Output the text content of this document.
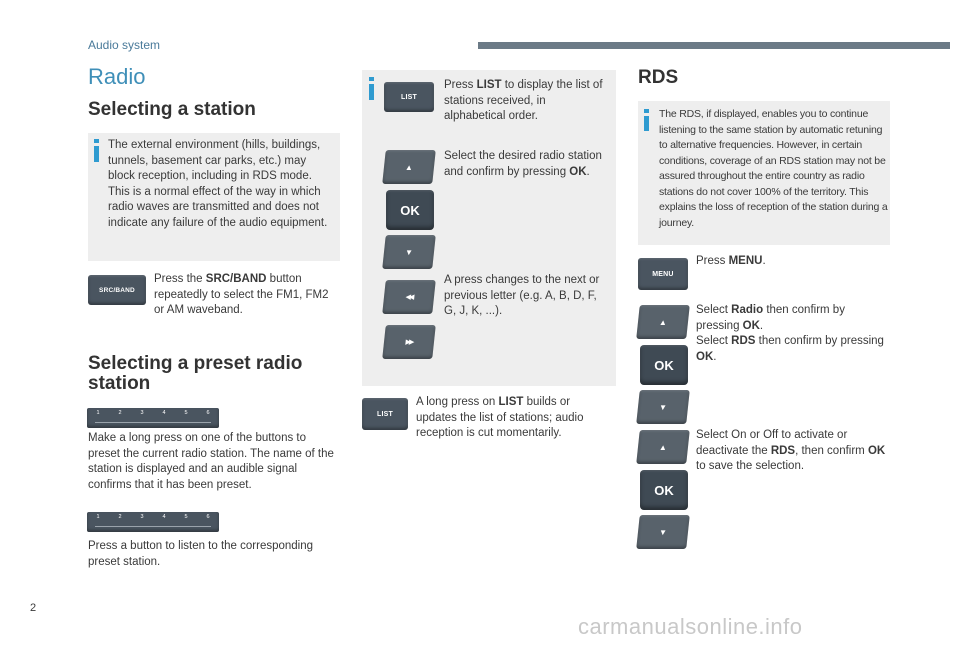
Audio system
Radio
Selecting a station
The external environment (hills, buildings, tunnels, basement car parks, etc.) may block reception, including in RDS mode. This is a normal effect of the way in which radio waves are transmitted and does not indicate any failure of the audio equipment.
SRC/BAND
Press the SRC/BAND button repeatedly to select the FM1, FM2 or AM waveband.
Selecting a preset radio station
1	2	3	4	5	6
Make a long press on one of the buttons to preset the current radio station. The name of the station is displayed and an audible signal confirms that it has been preset.
1	2	3	4	5	6
Press a button to listen to the corresponding preset station.
LIST
Press LIST to display the list of stations received, in alphabetical order.
▲
OK
▼
Select the desired radio station and confirm by pressing OK.
◀◀
▶▶
A press changes to the next or previous letter (e.g. A, B, D, F, G, J, K, ...).
LIST
A long press on LIST builds or updates the list of stations; audio reception is cut momentarily.
RDS
The RDS, if displayed, enables you to continue listening to the same station by automatic retuning to alternative frequencies. However, in certain conditions, coverage of an RDS station may not be assured throughout the entire country as radio stations do not cover 100% of the territory. This explains the loss of reception of the station during a journey.
MENU
Press MENU.
▲
OK
▼
Select Radio then confirm by pressing OK.
Select RDS then confirm by pressing OK.
▲
OK
▼
Select On or Off to activate or deactivate the RDS, then confirm OK to save the selection.
2
carmanualsonline.info
